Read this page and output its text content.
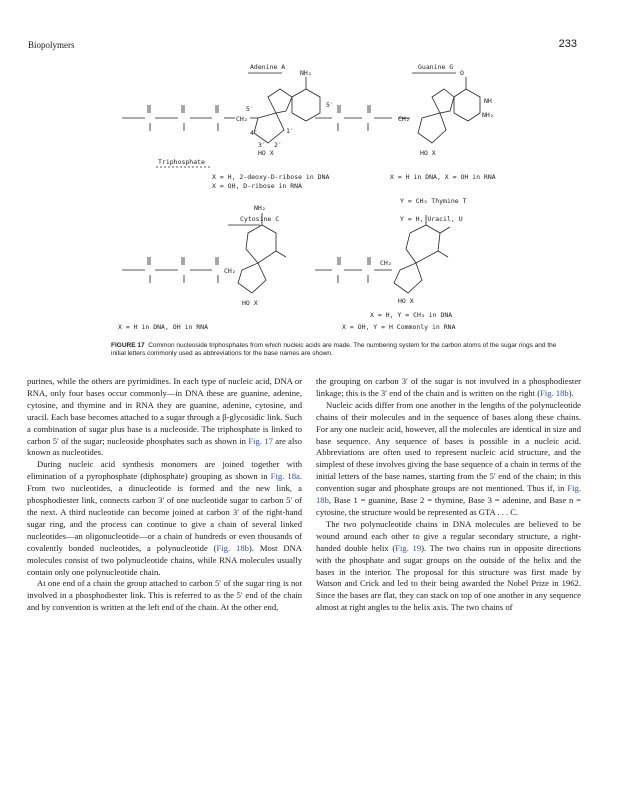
Biopolymers	233
Adenine A	Guanine G
NH₂	O
NH
NH₂
CH₂	CH₂
CH₂
CH₂
5′
4′	1′
3′ 2′
5′
HO X	HO X
HO X	HO X
Triphosphate
X = H, 2-deoxy-D-ribose in DNA
X = OH, D-ribose in RNA
X = H in DNA, X = OH in RNA
Y = CH₃ Thymine T
Y = H, Uracil, U
Cytosine C
NH₂
X = H in DNA, OH in RNA
X = H, Y = CH₃ in DNA
X = OH, Y = H Commonly in RNA
FIGURE 17 Common nucleoside triphosphates from which nucleic acids are made. The numbering system for the carbon atoms of the sugar rings and the initial letters commonly used as abbreviations for the base names are shown.

purines, while the others are pyrimidines. In each type of nucleic acid, DNA or RNA, only four bases occur commonly—in DNA these are guanine, adenine, cytosine, and thymine and in RNA they are guanine, adenine, cytosine, and uracil. Each base becomes attached to a sugar through a β-glycosidic link. Such a combination of sugar plus base is a nucleoside. The triphosphate is linked to carbon 5′ of the sugar; nucleoside phosphates such as shown in Fig. 17 are also known as nucleotides.

During nucleic acid synthesis monomers are joined together with elimination of a pyrophosphate (diphosphate) grouping as shown in Fig. 18a. From two nucleotides, a dinucleotide is formed and the new link, a phosphodiester link, connects carbon 3′ of one nucleotide sugar to carbon 5′ of the next. A third nucleotide can become joined at carbon 3′ of the right-hand sugar ring, and the process can continue to give a chain of several linked nucleotides—an oligonucleotide—or a chain of hundreds or even thousands of covalently bonded nucleotides, a polynucleotide (Fig. 18b). Most DNA molecules consist of two polynucleotide chains, while RNA molecules usually contain only one polynucleotide chain.

At one end of a chain the group attached to carbon 5′ of the sugar ring is not involved in a phosphodiester link. This is referred to as the 5′ end of the chain and by convention is written at the left end of the chain. At the other end,

the grouping on carbon 3′ of the sugar is not involved in a phosphodiester linkage; this is the 3′ end of the chain and is written on the right (Fig. 18b).

Nucleic acids differ from one another in the lengths of the polynucleotide chains of their molecules and in the sequence of bases along these chains. For any one nucleic acid, however, all the molecules are identical in size and base sequence. Any sequence of bases is possible in a nucleic acid. Abbreviations are often used to represent nucleic acid structure, and the simplest of these involves giving the base sequence of a chain in terms of the initial letters of the base names, starting from the 5′ end of the chain; in this convention sugar and phosphate groups are not mentioned. Thus if, in Fig. 18b, Base 1 = guanine, Base 2 = thymine, Base 3 = adenine, and Base n = cytosine, the structure would be represented as GTA . . . C.

The two polynucleotide chains in DNA molecules are believed to be wound around each other to give a regular secondary structure, a right-handed double helix (Fig. 19). The two chains run in opposite directions with the phosphate and sugar groups on the outside of the helix and the bases in the interior. The proposal for this structure was first made by Watson and Crick and led to their being awarded the Nobel Prize in 1962. Since the bases are flat, they can stack on top of one another in any sequence almost at right angles to the helix axis. The two chains of
